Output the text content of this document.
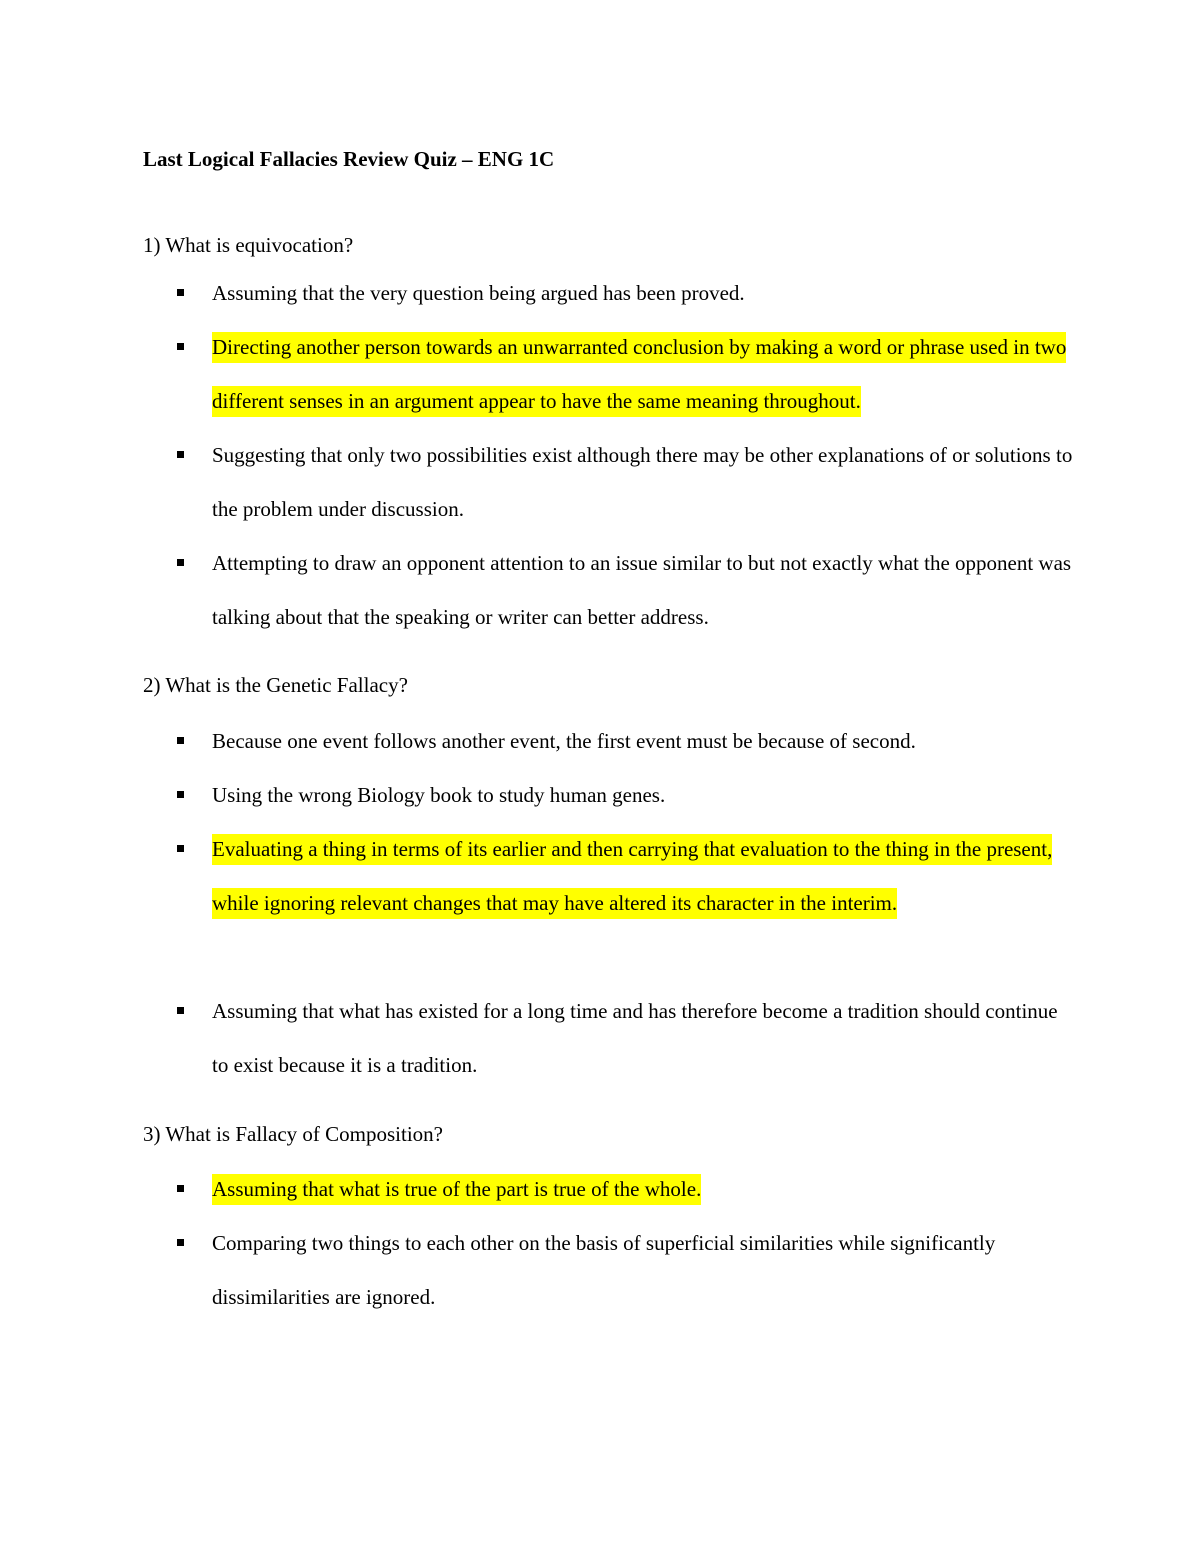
Last Logical Fallacies Review Quiz – ENG 1C
1) What is equivocation?
Assuming that the very question being argued has been proved.
Directing another person towards an unwarranted conclusion by making a word or phrase used in two different senses in an argument appear to have the same meaning throughout.
Suggesting that only two possibilities exist although there may be other explanations of or solutions to the problem under discussion.
Attempting to draw an opponent attention to an issue similar to but not exactly what the opponent was talking about that the speaking or writer can better address.
2) What is the Genetic Fallacy?
Because one event follows another event, the first event must be because of second.
Using the wrong Biology book to study human genes.
Evaluating a thing in terms of its earlier and then carrying that evaluation to the thing in the present, while ignoring relevant changes that may have altered its character in the interim.
Assuming that what has existed for a long time and has therefore become a tradition should continue to exist because it is a tradition.
3) What is Fallacy of Composition?
Assuming that what is true of the part is true of the whole.
Comparing two things to each other on the basis of superficial similarities while significantly dissimilarities are ignored.
